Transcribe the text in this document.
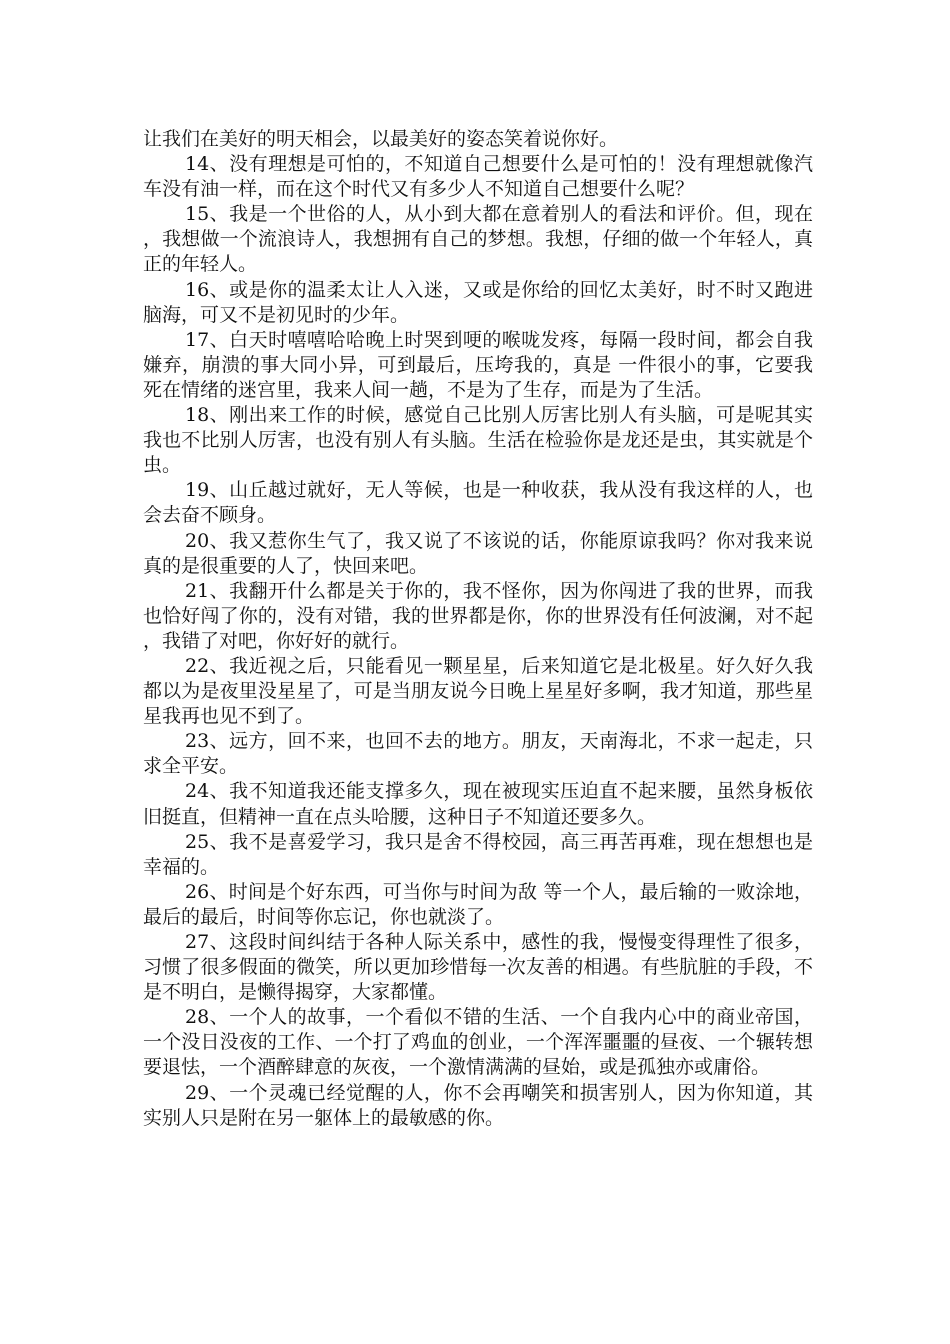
让我们在美好的明天相会，以最美好的姿态笑着说你好。

14、没有理想是可怕的，不知道自己想要什么是可怕的！没有理想就像汽车没有油一样，而在这个时代又有多少人不知道自己想要什么呢？

15、我是一个世俗的人，从小到大都在意着别人的看法和评价。但，现在，我想做一个流浪诗人，我想拥有自己的梦想。我想，仔细的做一个年轻人，真正的年轻人。

16、或是你的温柔太让人入迷，又或是你给的回忆太美好，时不时又跑进脑海，可又不是初见时的少年。

17、白天时嘻嘻哈哈晚上时哭到哽的喉咙发疼，每隔一段时间，都会自我嫌弃，崩溃的事大同小异，可到最后，压垮我的，真是 一件很小的事，它要我死在情绪的迷宫里，我来人间一趟，不是为了生存，而是为了生活。

18、刚出来工作的时候，感觉自己比别人厉害比别人有头脑，可是呢其实我也不比别人厉害，也没有别人有头脑。生活在检验你是龙还是虫，其实就是个虫。

19、山丘越过就好，无人等候，也是一种收获，我从没有我这样的人，也会去奋不顾身。

20、我又惹你生气了，我又说了不该说的话，你能原谅我吗？你对我来说真的是很重要的人了，快回来吧。

21、我翻开什么都是关于你的，我不怪你，因为你闯进了我的世界，而我也恰好闯了你的，没有对错，我的世界都是你，你的世界没有任何波澜，对不起，我错了对吧，你好好的就行。

22、我近视之后，只能看见一颗星星，后来知道它是北极星。好久好久我都以为是夜里没星星了，可是当朋友说今日晚上星星好多啊，我才知道，那些星星我再也见不到了。

23、远方，回不来，也回不去的地方。朋友，天南海北，不求一起走，只求全平安。

24、我不知道我还能支撑多久，现在被现实压迫直不起来腰，虽然身板依旧挺直，但精神一直在点头哈腰，这种日子不知道还要多久。

25、我不是喜爱学习，我只是舍不得校园，高三再苦再难，现在想想也是幸福的。

26、时间是个好东西，可当你与时间为敌 等一个人，最后输的一败涂地，最后的最后，时间等你忘记，你也就淡了。

27、这段时间纠结于各种人际关系中，感性的我，慢慢变得理性了很多，习惯了很多假面的微笑，所以更加珍惜每一次友善的相遇。有些肮脏的手段，不是不明白，是懒得揭穿，大家都懂。

28、一个人的故事，一个看似不错的生活、一个自我内心中的商业帝国，一个没日没夜的工作、一个打了鸡血的创业，一个浑浑噩噩的昼夜、一个辗转想要退怯，一个酒醉肆意的灰夜，一个激情满满的昼始，或是孤独亦或庸俗。

29、一个灵魂已经觉醒的人，你不会再嘲笑和损害别人，因为你知道，其实别人只是附在另一躯体上的最敏感的你。
